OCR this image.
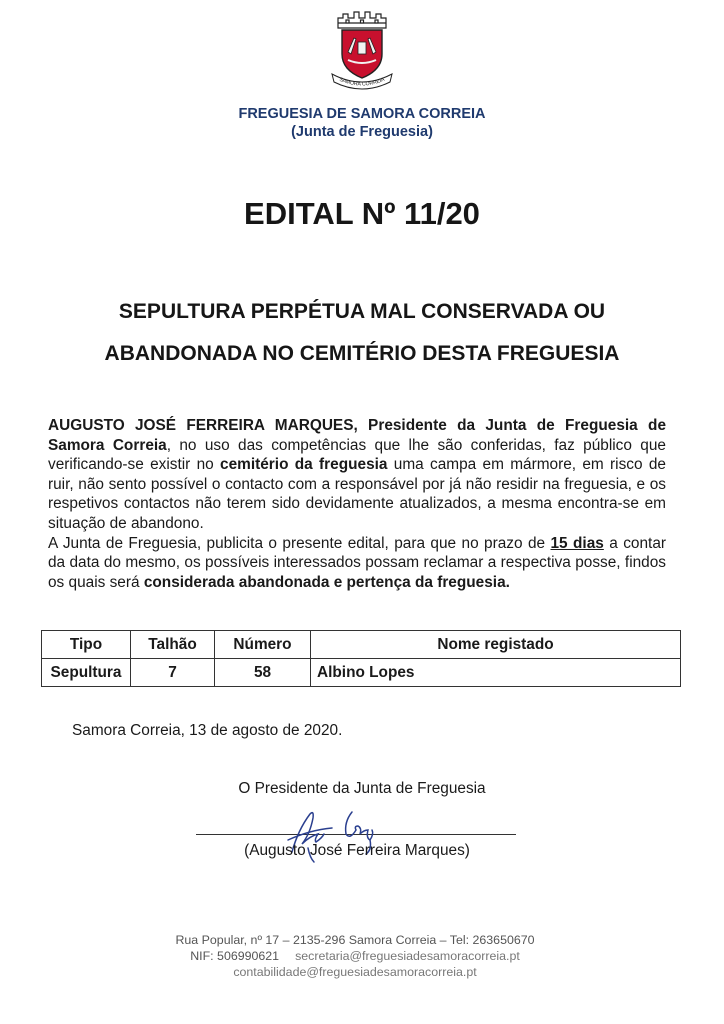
SAMORA CORREIA
FREGUESIA DE SAMORA CORREIA
(Junta de Freguesia)
EDITAL Nº 11/20
SEPULTURA PERPÉTUA MAL CONSERVADA OU
ABANDONADA NO CEMITÉRIO DESTA FREGUESIA

AUGUSTO JOSÉ FERREIRA MARQUES, Presidente da Junta de Freguesia de Samora Correia, no uso das competências que lhe são conferidas, faz público que verificando-se existir no cemitério da freguesia uma campa em mármore, em risco de ruir, não sento possível o contacto com a responsável por já não residir na freguesia, e os respetivos contactos não terem sido devidamente atualizados, a mesma encontra-se em situação de abandono.

A Junta de Freguesia, publicita o presente edital, para que no prazo de 15 dias a contar da data do mesmo, os possíveis interessados possam reclamar a respectiva posse, findos os quais será considerada abandonada e pertença da freguesia.

Tipo	Talhão	Número	Nome registado
Sepultura	7	58	Albino Lopes
Samora Correia, 13 de agosto de 2020.
O Presidente da Junta de Freguesia
(Augusto José Ferreira Marques)
Rua Popular, nº 17 – 2135-296 Samora Correia – Tel: 263650670
NIF: 506990621 secretaria@freguesiadesamoracorreia.pt
contabilidade@freguesiadesamoracorreia.pt
